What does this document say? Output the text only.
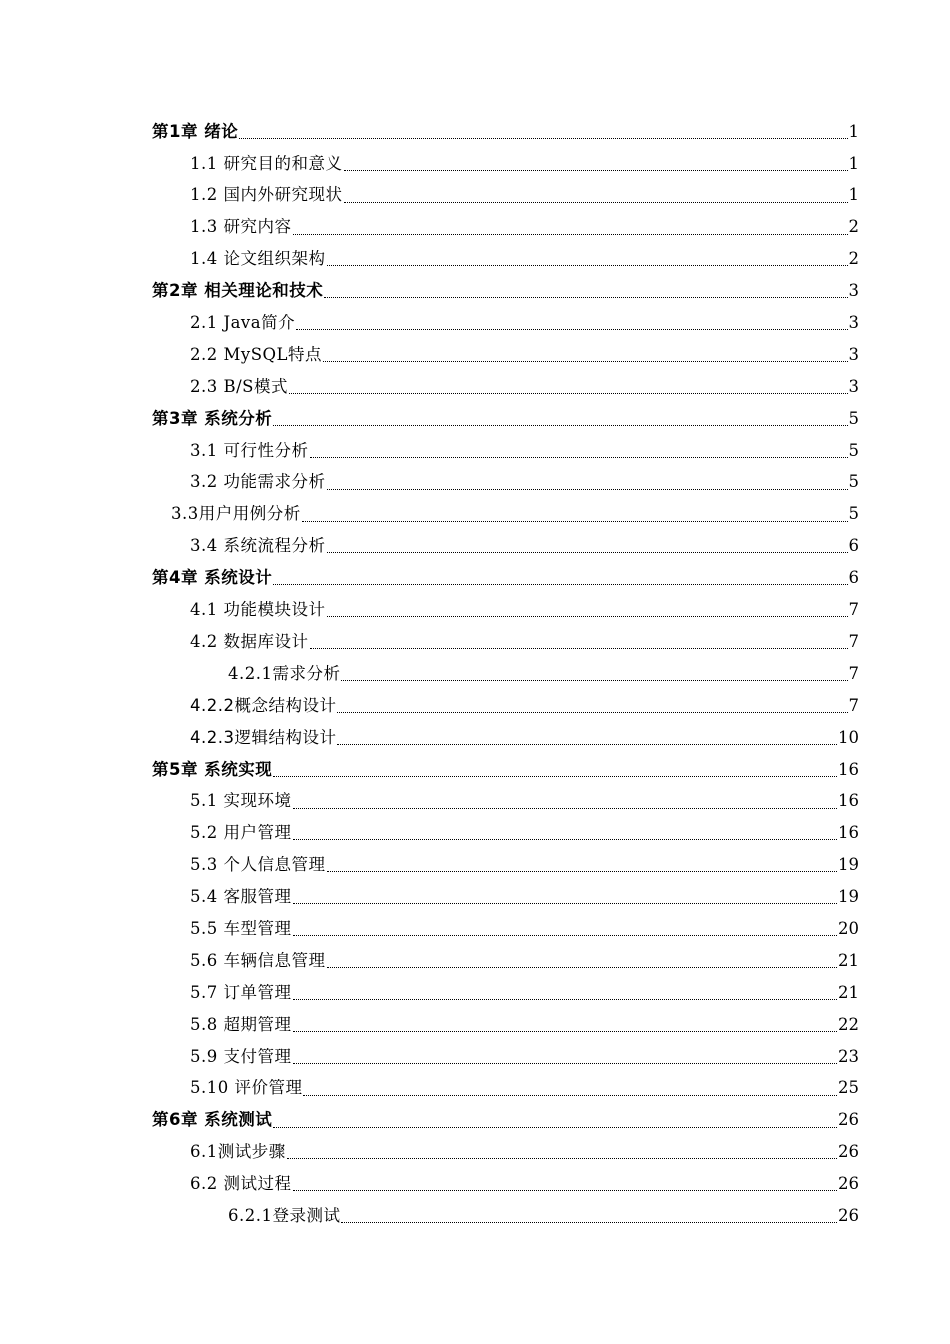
第1章 绪论	1
1.1 研究目的和意义	1
1.2 国内外研究现状	1
1.3 研究内容	2
1.4 论文组织架构	2
第2章 相关理论和技术	3
2.1 Java简介	3
2.2 MySQL特点	3
2.3 B/S模式	3
第3章 系统分析	5
3.1 可行性分析	5
3.2 功能需求分析	5
3.3用户用例分析	5
3.4 系统流程分析	6
第4章 系统设计	6
4.1 功能模块设计	7
4.2 数据库设计	7
4.2.1需求分析	7
4.2.2概念结构设计	7
4.2.3逻辑结构设计	10
第5章 系统实现	16
5.1 实现环境	16
5.2 用户管理	16
5.3 个人信息管理	19
5.4 客服管理	19
5.5 车型管理	20
5.6 车辆信息管理	21
5.7 订单管理	21
5.8 超期管理	22
5.9 支付管理	23
5.10 评价管理	25
第6章 系统测试	26
6.1测试步骤	26
6.2 测试过程	26
6.2.1登录测试	26
